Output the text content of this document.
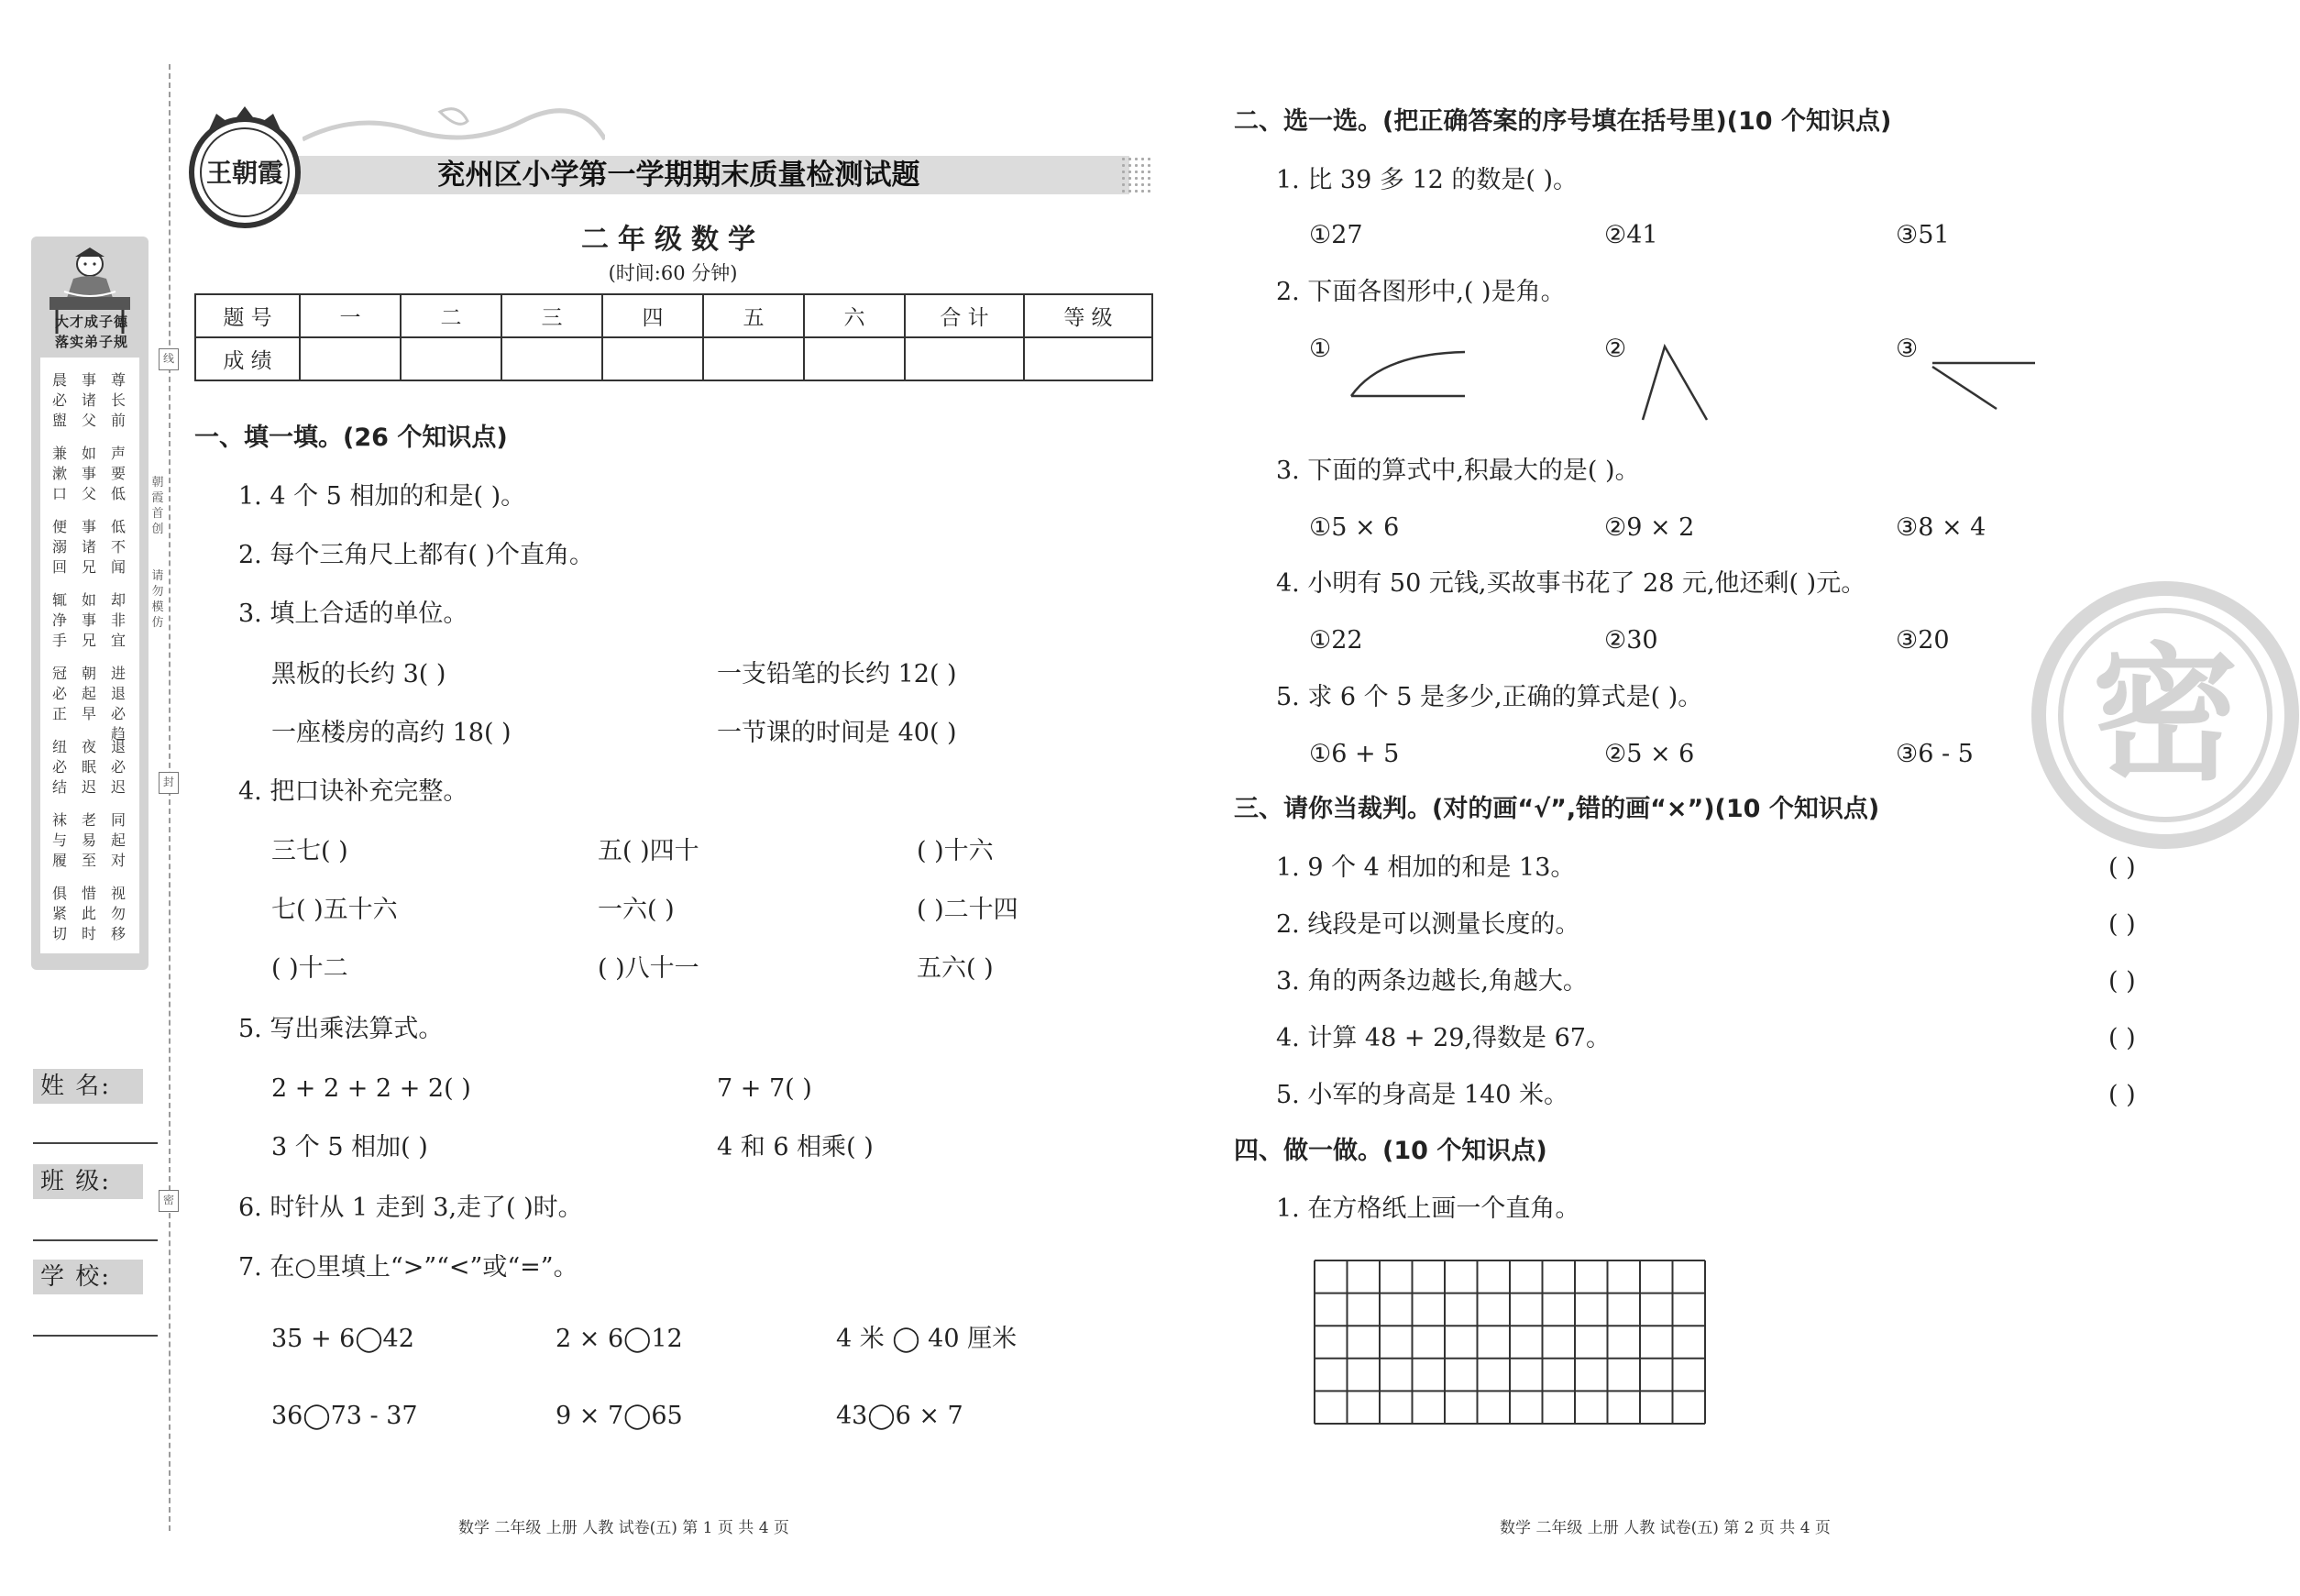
大才成子德
落实弟子规
晨必盥
兼漱口
便溺回
辄净手
冠必正
纽必结
袜与履
俱紧切
事诸父
如事父
事诸兄
如事兄
朝起早
夜眠迟
老易至
惜此时
尊长前
声要低
低不闻
却非宜
进退必趋
退必迟
同起对
视勿移
朝霞首创
请勿模仿
线
封
密
姓 名:
班 级:
学 校:
兖州区小学第一学期期末质量检测试题
王朝霞
二年级数学
(时间:60 分钟)
题 号	一	二	三	四	五	六	合 计	等 级
成 绩								
一、填一填。(26 个知识点)
1. 4 个 5 相加的和是( )。
2. 每个三角尺上都有( )个直角。
3. 填上合适的单位。
黑板的长约 3( )	一支铅笔的长约 12( )
一座楼房的高约 18( )	一节课的时间是 40( )
4. 把口诀补充完整。
三七( )	五( )四十	( )十六
七( )五十六	一六( )	( )二十四
( )十二	( )八十一	五六( )
5. 写出乘法算式。
2 + 2 + 2 + 2( )	7 + 7( )
3 个 5 相加( )	4 和 6 相乘( )
6. 时针从 1 走到 3,走了( )时。
7. 在○里填上“>”“<”或“=”。
35 + 6◯42	2 × 6◯12	4 米 ◯ 40 厘米
36◯73 - 37	9 × 7◯65	43◯6 × 7
数学 二年级 上册 人教 试卷(五) 第 1 页 共 4 页
二、选一选。(把正确答案的序号填在括号里)(10 个知识点)
1. 比 39 多 12 的数是( )。
①27	②41	③51
2. 下面各图形中,( )是角。
①	②	③
3. 下面的算式中,积最大的是( )。
①5 × 6	②9 × 2	③8 × 4
4. 小明有 50 元钱,买故事书花了 28 元,他还剩( )元。
①22	②30	③20
5. 求 6 个 5 是多少,正确的算式是( )。
①6 + 5	②5 × 6	③6 - 5
三、请你当裁判。(对的画“√”,错的画“×”)(10 个知识点)
1. 9 个 4 相加的和是 13。	( )
2. 线段是可以测量长度的。	( )
3. 角的两条边越长,角越大。	( )
4. 计算 48 + 29,得数是 67。	( )
5. 小军的身高是 140 米。	( )
四、做一做。(10 个知识点)
1. 在方格纸上画一个直角。
数学 二年级 上册 人教 试卷(五) 第 2 页 共 4 页
密
